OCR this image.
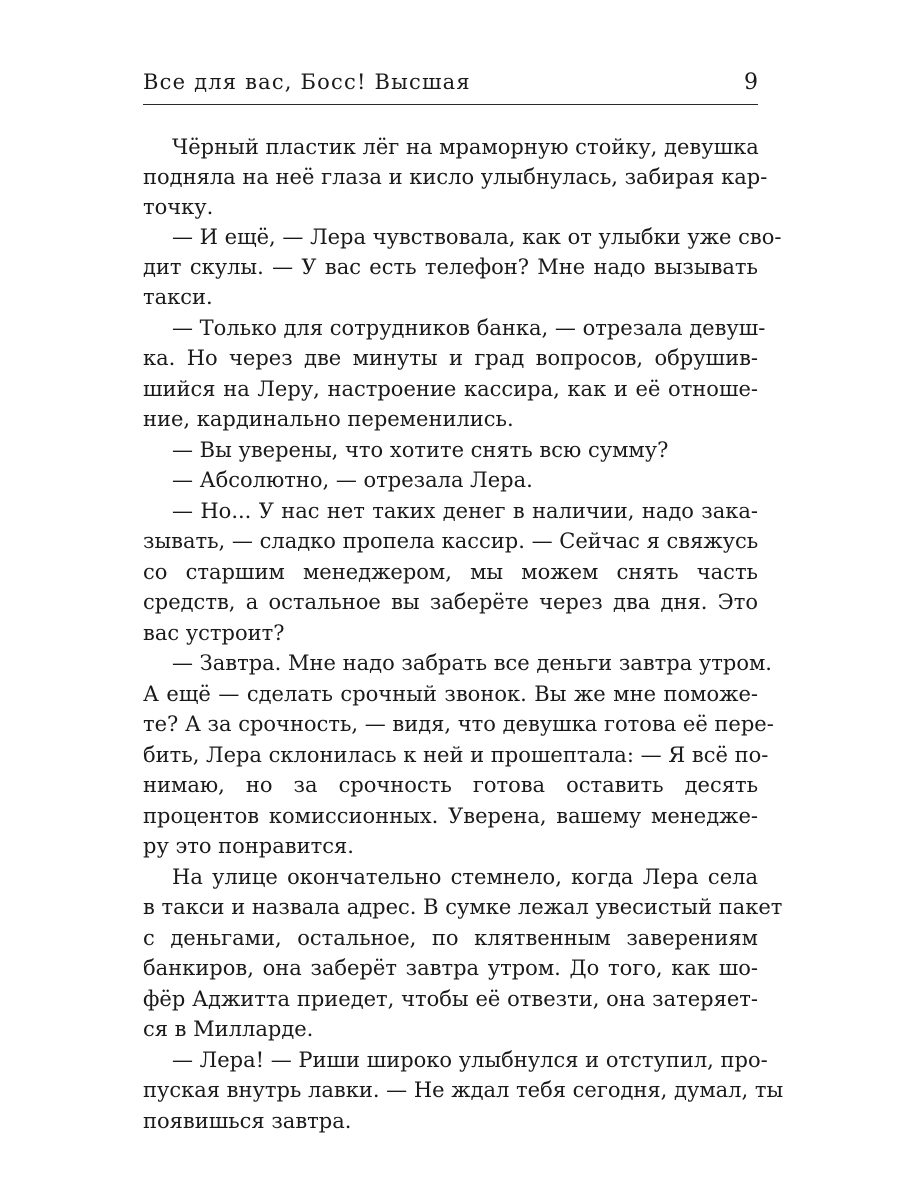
Все для вас, Босс! Высшая	9
Чёрный пластик лёг на мраморную стойку, девушка
подняла на неё глаза и кисло улыбнулась, забирая кар-
точку.
— И ещё, — Лера чувствовала, как от улыбки уже сво-
дит скулы. — У вас есть телефон? Мне надо вызывать
такси.
— Только для сотрудников банка, — отрезала девуш-
ка. Но через две минуты и град вопросов, обрушив-
шийся на Леру, настроение кассира, как и её отноше-
ние, кардинально переменились.
— Вы уверены, что хотите снять всю сумму?
— Абсолютно, — отрезала Лера.
— Но... У нас нет таких денег в наличии, надо зака-
зывать, — сладко пропела кассир. — Сейчас я свяжусь
со старшим менеджером, мы можем снять часть
средств, а остальное вы заберёте через два дня. Это
вас устроит?
— Завтра. Мне надо забрать все деньги завтра утром.
А ещё — сделать срочный звонок. Вы же мне поможе-
те? А за срочность, — видя, что девушка готова её пере-
бить, Лера склонилась к ней и прошептала: — Я всё по-
нимаю, но за срочность готова оставить десять
процентов комиссионных. Уверена, вашему менедже-
ру это понравится.
На улице окончательно стемнело, когда Лера села
в такси и назвала адрес. В сумке лежал увесистый пакет
с деньгами, остальное, по клятвенным заверениям
банкиров, она заберёт завтра утром. До того, как шо-
фёр Аджитта приедет, чтобы её отвезти, она затеряет-
ся в Милларде.
— Лера! — Риши широко улыбнулся и отступил, про-
пуская внутрь лавки. — Не ждал тебя сегодня, думал, ты
появишься завтра.
